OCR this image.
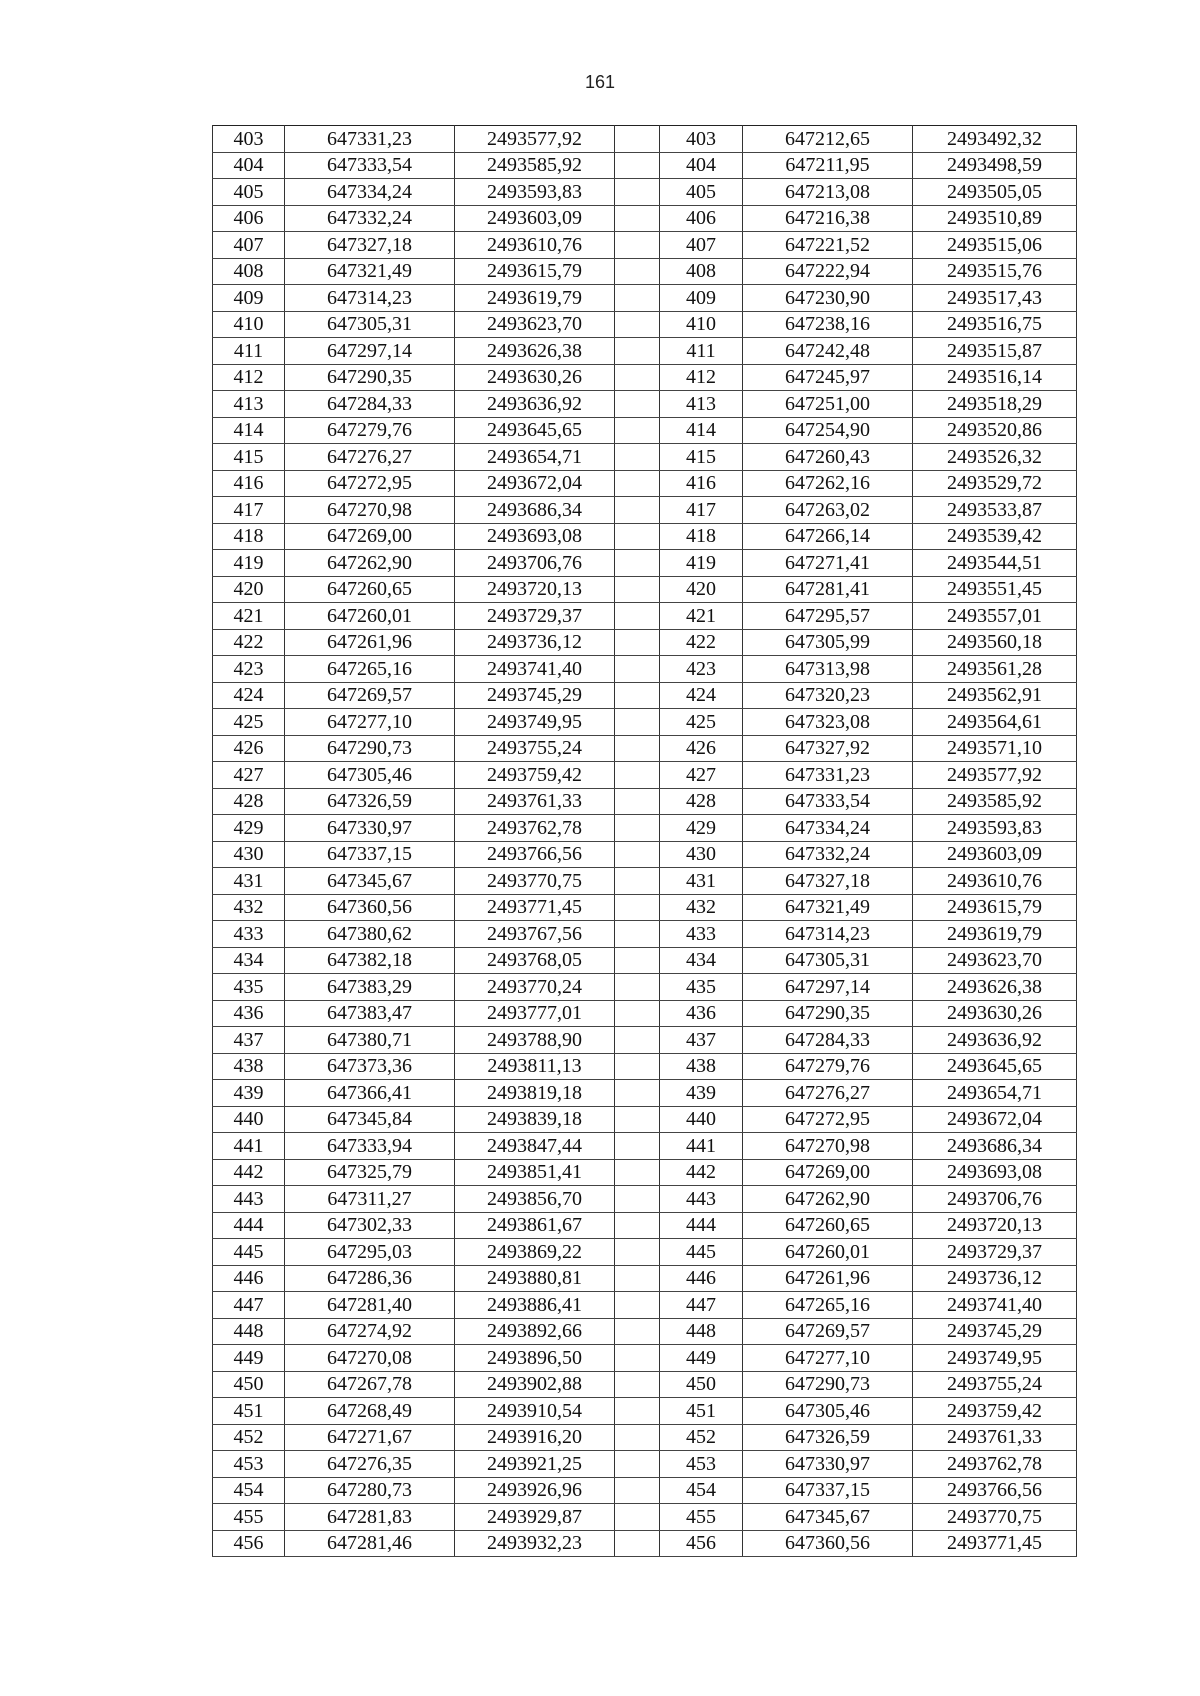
161
403	647331,23	2493577,92		403	647212,65	2493492,32
404	647333,54	2493585,92		404	647211,95	2493498,59
405	647334,24	2493593,83		405	647213,08	2493505,05
406	647332,24	2493603,09		406	647216,38	2493510,89
407	647327,18	2493610,76		407	647221,52	2493515,06
408	647321,49	2493615,79		408	647222,94	2493515,76
409	647314,23	2493619,79		409	647230,90	2493517,43
410	647305,31	2493623,70		410	647238,16	2493516,75
411	647297,14	2493626,38		411	647242,48	2493515,87
412	647290,35	2493630,26		412	647245,97	2493516,14
413	647284,33	2493636,92		413	647251,00	2493518,29
414	647279,76	2493645,65		414	647254,90	2493520,86
415	647276,27	2493654,71		415	647260,43	2493526,32
416	647272,95	2493672,04		416	647262,16	2493529,72
417	647270,98	2493686,34		417	647263,02	2493533,87
418	647269,00	2493693,08		418	647266,14	2493539,42
419	647262,90	2493706,76		419	647271,41	2493544,51
420	647260,65	2493720,13		420	647281,41	2493551,45
421	647260,01	2493729,37		421	647295,57	2493557,01
422	647261,96	2493736,12		422	647305,99	2493560,18
423	647265,16	2493741,40		423	647313,98	2493561,28
424	647269,57	2493745,29		424	647320,23	2493562,91
425	647277,10	2493749,95		425	647323,08	2493564,61
426	647290,73	2493755,24		426	647327,92	2493571,10
427	647305,46	2493759,42		427	647331,23	2493577,92
428	647326,59	2493761,33		428	647333,54	2493585,92
429	647330,97	2493762,78		429	647334,24	2493593,83
430	647337,15	2493766,56		430	647332,24	2493603,09
431	647345,67	2493770,75		431	647327,18	2493610,76
432	647360,56	2493771,45		432	647321,49	2493615,79
433	647380,62	2493767,56		433	647314,23	2493619,79
434	647382,18	2493768,05		434	647305,31	2493623,70
435	647383,29	2493770,24		435	647297,14	2493626,38
436	647383,47	2493777,01		436	647290,35	2493630,26
437	647380,71	2493788,90		437	647284,33	2493636,92
438	647373,36	2493811,13		438	647279,76	2493645,65
439	647366,41	2493819,18		439	647276,27	2493654,71
440	647345,84	2493839,18		440	647272,95	2493672,04
441	647333,94	2493847,44		441	647270,98	2493686,34
442	647325,79	2493851,41		442	647269,00	2493693,08
443	647311,27	2493856,70		443	647262,90	2493706,76
444	647302,33	2493861,67		444	647260,65	2493720,13
445	647295,03	2493869,22		445	647260,01	2493729,37
446	647286,36	2493880,81		446	647261,96	2493736,12
447	647281,40	2493886,41		447	647265,16	2493741,40
448	647274,92	2493892,66		448	647269,57	2493745,29
449	647270,08	2493896,50		449	647277,10	2493749,95
450	647267,78	2493902,88		450	647290,73	2493755,24
451	647268,49	2493910,54		451	647305,46	2493759,42
452	647271,67	2493916,20		452	647326,59	2493761,33
453	647276,35	2493921,25		453	647330,97	2493762,78
454	647280,73	2493926,96		454	647337,15	2493766,56
455	647281,83	2493929,87		455	647345,67	2493770,75
456	647281,46	2493932,23		456	647360,56	2493771,45
